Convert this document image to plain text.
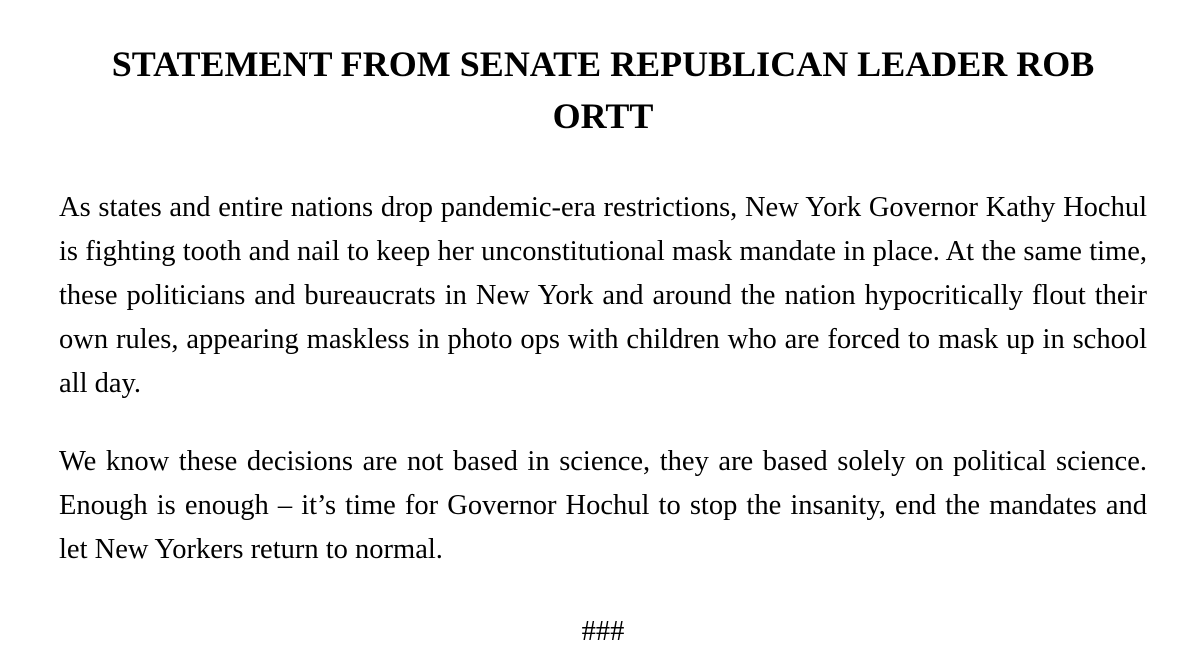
STATEMENT FROM SENATE REPUBLICAN LEADER ROB ORTT

As states and entire nations drop pandemic-era restrictions, New York Governor Kathy Hochul is fighting tooth and nail to keep her unconstitutional mask mandate in place. At the same time, these politicians and bureaucrats in New York and around the nation hypocritically flout their own rules, appearing maskless in photo ops with children who are forced to mask up in school all day.

We know these decisions are not based in science, they are based solely on political science. Enough is enough – it’s time for Governor Hochul to stop the insanity, end the mandates and let New Yorkers return to normal.

###
